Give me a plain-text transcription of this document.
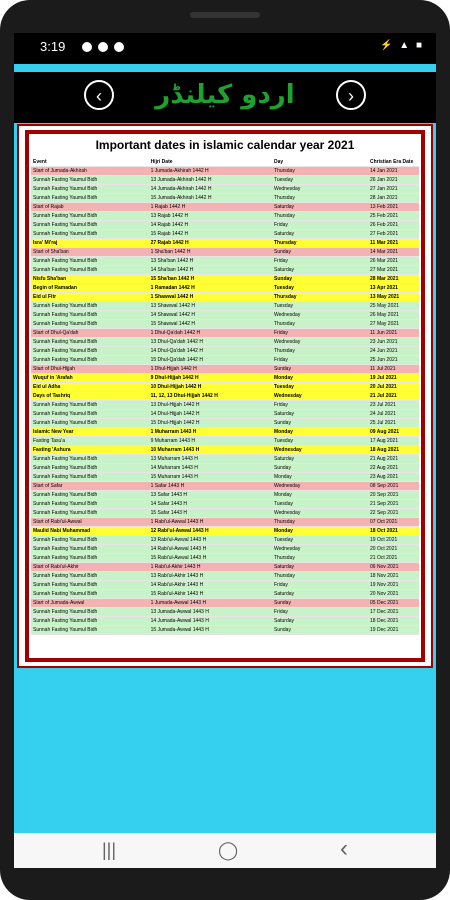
3:19	⚡ ▲ ■
‹	اردو کیلنڈر	›
Important dates in islamic calendar year 2021
Event	Hijri Date	Day	Christian Era Date
Start of Jumada-Akhirah	1 Jumada-Akhirah 1442 H	Thursday	14 Jan 2021
Sunnah Fasting Yaumul Bidh	13 Jumada-Akhirah 1442 H	Tuesday	26 Jan 2021
Sunnah Fasting Yaumul Bidh	14 Jumada-Akhirah 1442 H	Wednesday	27 Jan 2021
Sunnah Fasting Yaumul Bidh	15 Jumada-Akhirah 1442 H	Thursday	28 Jan 2021
Start of Rajab	1 Rajab 1442 H	Saturday	13 Feb 2021
Sunnah Fasting Yaumul Bidh	13 Rajab 1442 H	Thursday	25 Feb 2021
Sunnah Fasting Yaumul Bidh	14 Rajab 1442 H	Friday	26 Feb 2021
Sunnah Fasting Yaumul Bidh	15 Rajab 1442 H	Saturday	27 Feb 2021
Isra' Mi'raj	27 Rajab 1442 H	Thursday	11 Mar 2021
Start of Sha'ban	1 Sha'ban 1442 H	Sunday	14 Mar 2021
Sunnah Fasting Yaumul Bidh	13 Sha'ban 1442 H	Friday	26 Mar 2021
Sunnah Fasting Yaumul Bidh	14 Sha'ban 1442 H	Saturday	27 Mar 2021
Nisfu Sha'ban	15 Sha'ban 1442 H	Sunday	28 Mar 2021
Begin of Ramadan	1 Ramadan 1442 H	Tuesday	13 Apr 2021
Eid ul Fitr	1 Shawwal 1442 H	Thursday	13 May 2021
Sunnah Fasting Yaumul Bidh	13 Shawwal 1442 H	Tuesday	25 May 2021
Sunnah Fasting Yaumul Bidh	14 Shawwal 1442 H	Wednesday	26 May 2021
Sunnah Fasting Yaumul Bidh	15 Shawwal 1442 H	Thursday	27 May 2021
Start of Dhul-Qa'dah	1 Dhul-Qa'dah 1442 H	Friday	11 Jun 2021
Sunnah Fasting Yaumul Bidh	13 Dhul-Qa'dah 1442 H	Wednesday	23 Jun 2021
Sunnah Fasting Yaumul Bidh	14 Dhul-Qa'dah 1442 H	Thursday	24 Jun 2021
Sunnah Fasting Yaumul Bidh	15 Dhul-Qa'dah 1442 H	Friday	25 Jun 2021
Start of Dhul-Hijjah	1 Dhul-Hijjah 1442 H	Sunday	11 Jul 2021
Wuquf in 'Arafah	9 Dhul-Hijjah 1442 H	Monday	19 Jul 2021
Eid ul Adha	10 Dhul-Hijjah 1442 H	Tuesday	20 Jul 2021
Days of Tashriq	11, 12, 13 Dhul-Hijjah 1442 H	Wednesday	21 Jul 2021
Sunnah Fasting Yaumul Bidh	13 Dhul-Hijjah 1442 H	Friday	23 Jul 2021
Sunnah Fasting Yaumul Bidh	14 Dhul-Hijjah 1442 H	Saturday	24 Jul 2021
Sunnah Fasting Yaumul Bidh	15 Dhul-Hijjah 1442 H	Sunday	25 Jul 2021
Islamic New Year	1 Muharram 1443 H	Monday	09 Aug 2021
Fasting Tasu'a	9 Muharram 1443 H	Tuesday	17 Aug 2021
Fasting 'Ashura	10 Muharram 1443 H	Wednesday	18 Aug 2021
Sunnah Fasting Yaumul Bidh	13 Muharram 1443 H	Saturday	21 Aug 2021
Sunnah Fasting Yaumul Bidh	14 Muharram 1443 H	Sunday	22 Aug 2021
Sunnah Fasting Yaumul Bidh	15 Muharram 1443 H	Monday	23 Aug 2021
Start of Safar	1 Safar 1443 H	Wednesday	08 Sep 2021
Sunnah Fasting Yaumul Bidh	13 Safar 1443 H	Monday	20 Sep 2021
Sunnah Fasting Yaumul Bidh	14 Safar 1443 H	Tuesday	21 Sep 2021
Sunnah Fasting Yaumul Bidh	15 Safar 1443 H	Wednesday	22 Sep 2021
Start of Rabi'ul-Awwal	1 Rabi'ul-Awwal 1443 H	Thursday	07 Oct 2021
Maulid Nabi Muhammad	12 Rabi'ul-Awwal 1443 H	Monday	18 Oct 2021
Sunnah Fasting Yaumul Bidh	13 Rabi'ul-Awwal 1443 H	Tuesday	19 Oct 2021
Sunnah Fasting Yaumul Bidh	14 Rabi'ul-Awwal 1443 H	Wednesday	20 Oct 2021
Sunnah Fasting Yaumul Bidh	15 Rabi'ul-Awwal 1443 H	Thursday	21 Oct 2021
Start of Rabi'ul-Akhir	1 Rabi'ul-Akhir 1443 H	Saturday	06 Nov 2021
Sunnah Fasting Yaumul Bidh	13 Rabi'ul-Akhir 1443 H	Thursday	18 Nov 2021
Sunnah Fasting Yaumul Bidh	14 Rabi'ul-Akhir 1443 H	Friday	19 Nov 2021
Sunnah Fasting Yaumul Bidh	15 Rabi'ul-Akhir 1443 H	Saturday	20 Nov 2021
Start of Jumada-Awwal	1 Jumada-Awwal 1443 H	Sunday	05 Dec 2021
Sunnah Fasting Yaumul Bidh	13 Jumada-Awwal 1443 H	Friday	17 Dec 2021
Sunnah Fasting Yaumul Bidh	14 Jumada-Awwal 1443 H	Saturday	18 Dec 2021
Sunnah Fasting Yaumul Bidh	15 Jumada-Awwal 1443 H	Sunday	19 Dec 2021
|||	◯	‹
